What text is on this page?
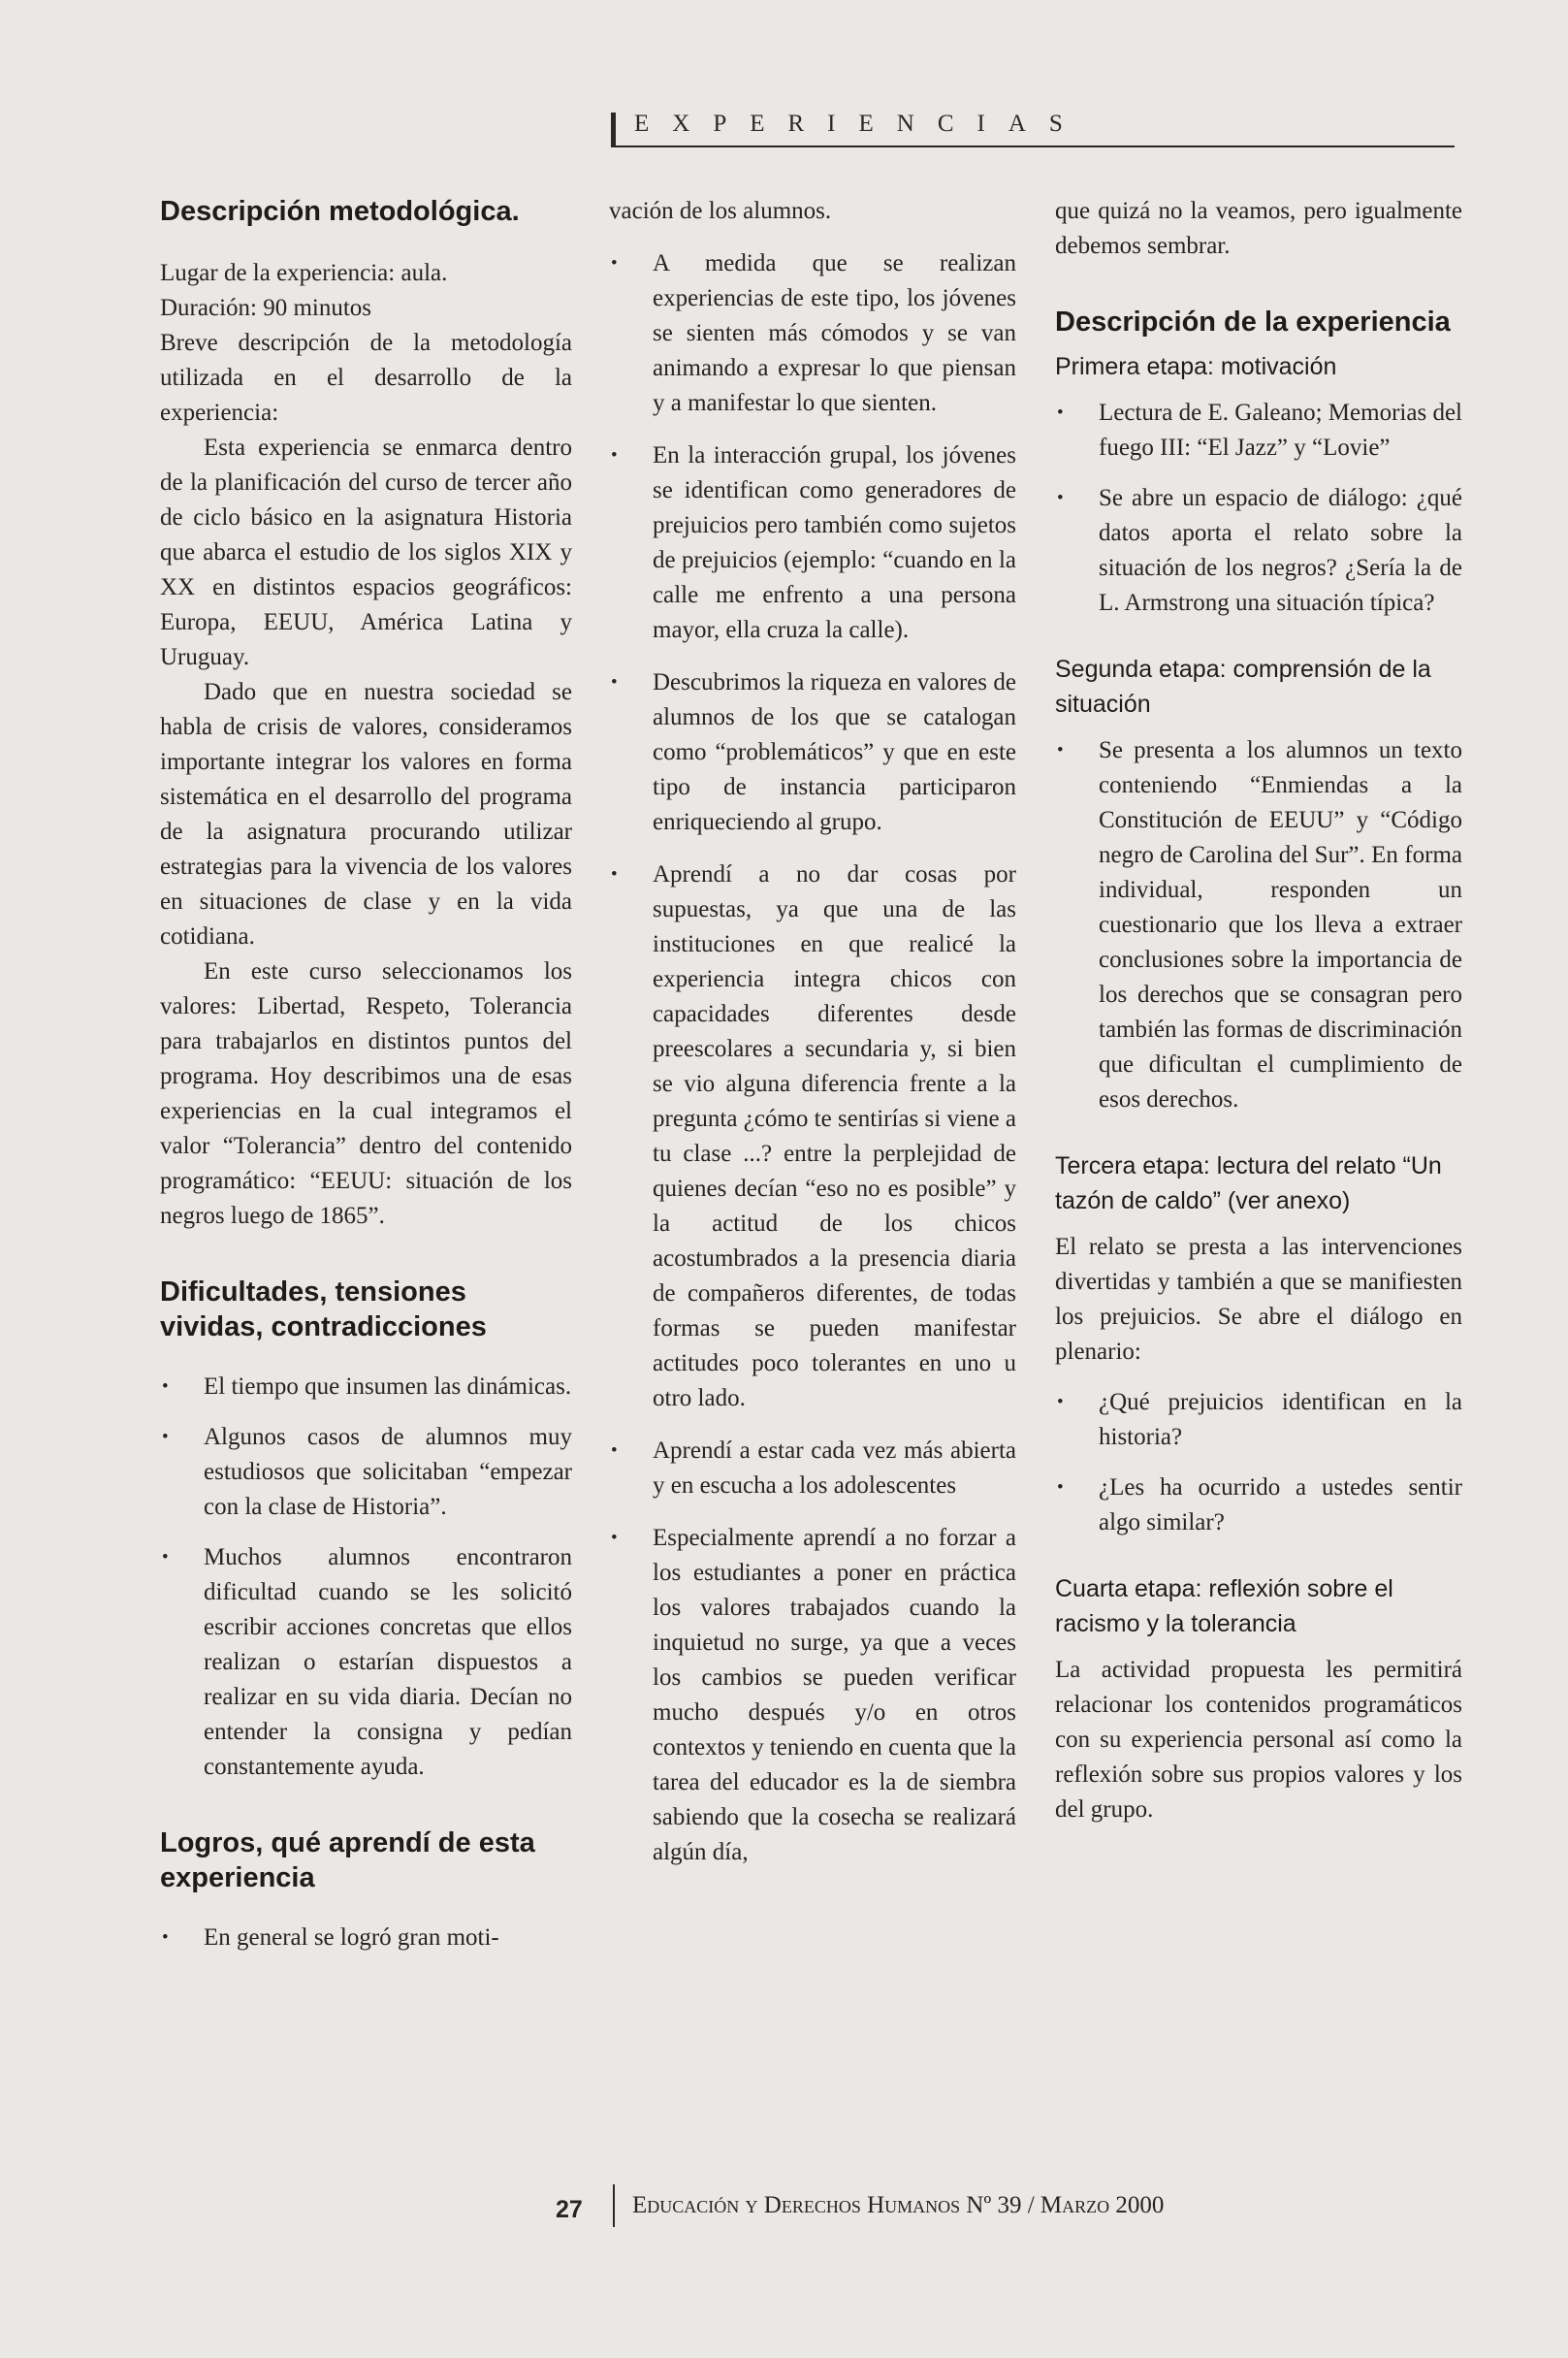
EXPERIENCIAS
Descripción metodológica.

Lugar de la experiencia: aula.

Duración: 90 minutos

Breve descripción de la metodología utilizada en el desarrollo de la experiencia:

Esta experiencia se enmarca dentro de la planificación del curso de tercer año de ciclo básico en la asignatura Historia que abarca el estudio de los siglos XIX y XX en distintos espacios geográficos: Europa, EEUU, América Latina y Uruguay.

Dado que en nuestra sociedad se habla de crisis de valores, consideramos importante integrar los valores en forma sistemática en el desarrollo del programa de la asignatura procurando utilizar estrategias para la vivencia de los valores en situaciones de clase y en la vida cotidiana.

En este curso seleccionamos los valores: Libertad, Respeto, Tolerancia para trabajarlos en distintos puntos del programa. Hoy describimos una de esas experiencias en la cual integramos el valor “Tolerancia” dentro del contenido programático: “EEUU: situación de los negros luego de 1865”.

Dificultades, tensiones vividas, contradicciones
• El tiempo que insumen las dinámicas.
• Algunos casos de alumnos muy estudiosos que solicitaban “empezar con la clase de Historia”.
• Muchos alumnos encontraron dificultad cuando se les solicitó escribir acciones concretas que ellos realizan o estarían dispuestos a realizar en su vida diaria. Decían no entender la consigna y pedían constantemente ayuda.
Logros, qué aprendí de esta experiencia
• En general se logró gran moti-

vación de los alumnos.

• A medida que se realizan experiencias de este tipo, los jóvenes se sienten más cómodos y se van animando a expresar lo que piensan y a manifestar lo que sienten.
• En la interacción grupal, los jóvenes se identifican como generadores de prejuicios pero también como sujetos de prejuicios (ejemplo: “cuando en la calle me enfrento a una persona mayor, ella cruza la calle).
• Descubrimos la riqueza en valores de alumnos de los que se catalogan como “problemáticos” y que en este tipo de instancia participaron enriqueciendo al grupo.
• Aprendí a no dar cosas por supuestas, ya que una de las instituciones en que realicé la experiencia integra chicos con capacidades diferentes desde preescolares a secundaria y, si bien se vio alguna diferencia frente a la pregunta ¿cómo te sentirías si viene a tu clase ...? entre la perplejidad de quienes decían “eso no es posible” y la actitud de los chicos acostumbrados a la presencia diaria de compañeros diferentes, de todas formas se pueden manifestar actitudes poco tolerantes en uno u otro lado.
• Aprendí a estar cada vez más abierta y en escucha a los adolescentes
• Especialmente aprendí a no forzar a los estudiantes a poner en práctica los valores trabajados cuando la inquietud no surge, ya que a veces los cambios se pueden verificar mucho después y/o en otros contextos y teniendo en cuenta que la tarea del educador es la de siembra sabiendo que la cosecha se realizará algún día,

que quizá no la veamos, pero igualmente debemos sembrar.

Descripción de la experiencia
Primera etapa: motivación
• Lectura de E. Galeano; Memorias del fuego III: “El Jazz” y “Lovie”
• Se abre un espacio de diálogo: ¿qué datos aporta el relato sobre la situación de los negros? ¿Sería la de L. Armstrong una situación típica?
Segunda etapa: comprensión de la situación
• Se presenta a los alumnos un texto conteniendo “Enmiendas a la Constitución de EEUU” y “Código negro de Carolina del Sur”. En forma individual, responden un cuestionario que los lleva a extraer conclusiones sobre la importancia de los derechos que se consagran pero también las formas de discriminación que dificultan el cumplimiento de esos derechos.
Tercera etapa: lectura del relato “Un tazón de caldo” (ver anexo)

El relato se presta a las intervenciones divertidas y también a que se manifiesten los prejuicios. Se abre el diálogo en plenario:

• ¿Qué prejuicios identifican en la historia?
• ¿Les ha ocurrido a ustedes sentir algo similar?
Cuarta etapa: reflexión sobre el racismo y la tolerancia

La actividad propuesta les permitirá relacionar los contenidos programáticos con su experiencia personal así como la reflexión sobre sus propios valores y los del grupo.

27 Educación y Derechos Humanos Nº 39 / Marzo 2000
